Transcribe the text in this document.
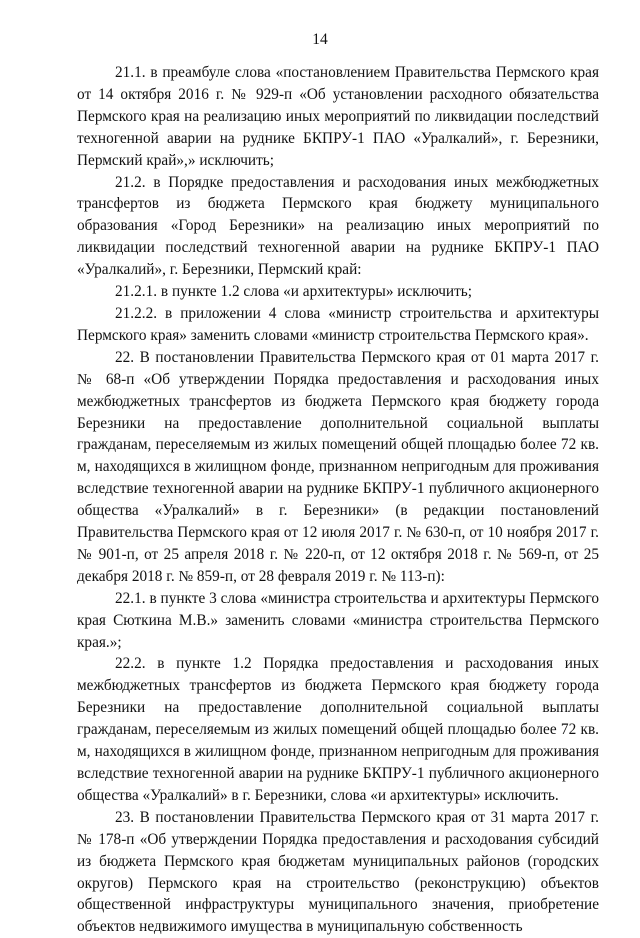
14

21.1. в преамбуле слова «постановлением Правительства Пермского края от 14 октября 2016 г. № 929-п «Об установлении расходного обязательства Пермского края на реализацию иных мероприятий по ликвидации последствий техногенной аварии на руднике БКПРУ-1 ПАО «Уралкалий», г. Березники, Пермский край»,» исключить;

21.2. в Порядке предоставления и расходования иных межбюджетных трансфертов из бюджета Пермского края бюджету муниципального образования «Город Березники» на реализацию иных мероприятий по ликвидации последствий техногенной аварии на руднике БКПРУ-1 ПАО «Уралкалий», г. Березники, Пермский край:

21.2.1. в пункте 1.2 слова «и архитектуры» исключить;

21.2.2. в приложении 4 слова «министр строительства и архитектуры Пермского края» заменить словами «министр строительства Пермского края».

22. В постановлении Правительства Пермского края от 01 марта 2017 г. № 68-п «Об утверждении Порядка предоставления и расходования иных межбюджетных трансфертов из бюджета Пермского края бюджету города Березники на предоставление дополнительной социальной выплаты гражданам, переселяемым из жилых помещений общей площадью более 72 кв. м, находящихся в жилищном фонде, признанном непригодным для проживания вследствие техногенной аварии на руднике БКПРУ-1 публичного акционерного общества «Уралкалий» в г. Березники» (в редакции постановлений Правительства Пермского края от 12 июля 2017 г. № 630-п, от 10 ноября 2017 г. № 901-п, от 25 апреля 2018 г. № 220-п, от 12 октября 2018 г. № 569-п, от 25 декабря 2018 г. № 859-п, от 28 февраля 2019 г. № 113-п):

22.1. в пункте 3 слова «министра строительства и архитектуры Пермского края Сюткина М.В.» заменить словами «министра строительства Пермского края.»;

22.2. в пункте 1.2 Порядка предоставления и расходования иных межбюджетных трансфертов из бюджета Пермского края бюджету города Березники на предоставление дополнительной социальной выплаты гражданам, переселяемым из жилых помещений общей площадью более 72 кв. м, находящихся в жилищном фонде, признанном непригодным для проживания вследствие техногенной аварии на руднике БКПРУ-1 публичного акционерного общества «Уралкалий» в г. Березники, слова «и архитектуры» исключить.

23. В постановлении Правительства Пермского края от 31 марта 2017 г. № 178-п «Об утверждении Порядка предоставления и расходования субсидий из бюджета Пермского края бюджетам муниципальных районов (городских округов) Пермского края на строительство (реконструкцию) объектов общественной инфраструктуры муниципального значения, приобретение объектов недвижимого имущества в муниципальную собственность
